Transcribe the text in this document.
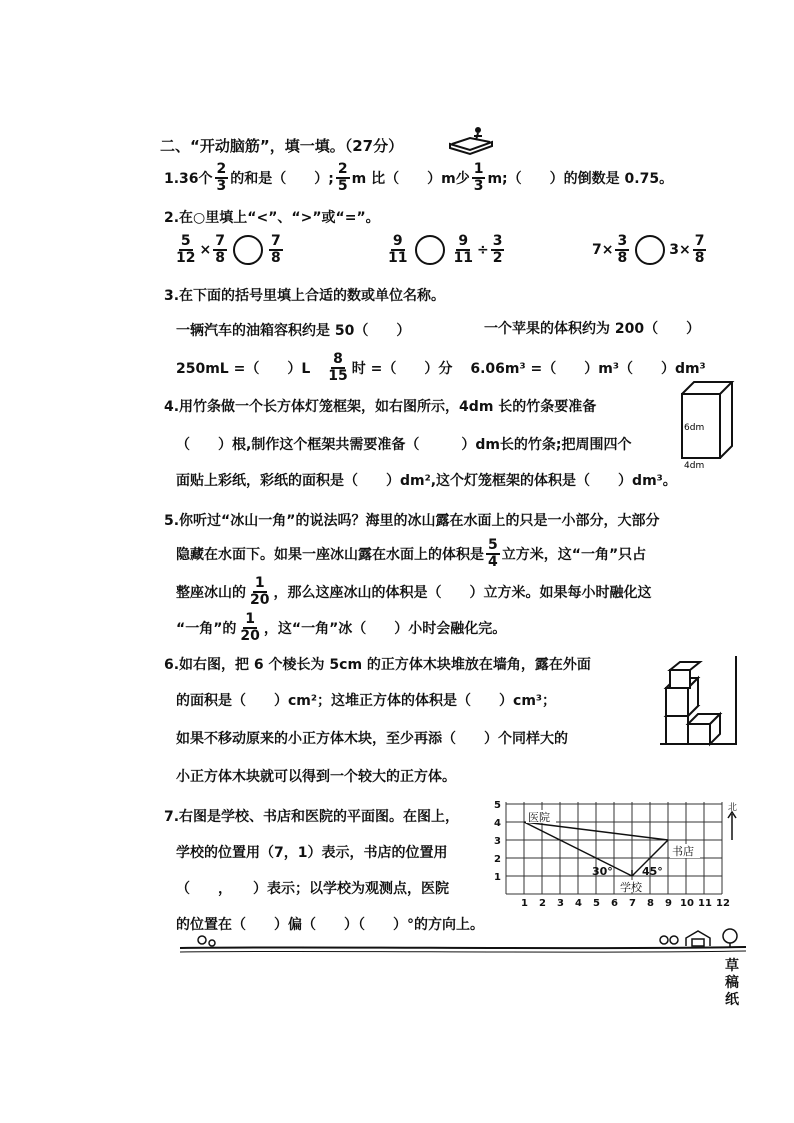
二、“开动脑筋”，填一填。（27分）
1.36个 $\frac{2}{3}$ 的和是（　　）; $\frac{2}{5}$ m 比（　　）m少 $\frac{1}{3}$ m;（　　）的倒数是 0.75。
2.在○里填上“<”、“>”或“=”。
$\frac{5}{12} \times \frac{7}{8}$	$\frac{7}{8}$	$\frac{9}{11}$	$\frac{9}{11} \div \frac{3}{2}$	$7 \times \frac{3}{8}$	$3 \times \frac{7}{8}$
3.在下面的括号里填上合适的数或单位名称。
一辆汽车的油箱容积约是 50（　　）	一个苹果的体积约为 200（　　）
250mL =（　　）$L \frac{8}{15}$ 时 =（　　）分 6.06m³ =（　　）m³（　　）dm³
4.用竹条做一个长方体灯笼框架，如右图所示，4dm 长的竹条要准备
（　　）根,制作这个框架共需要准备（　　　）dm长的竹条;把周围四个
面贴上彩纸，彩纸的面积是（　　）dm²,这个灯笼框架的体积是（　　）dm³。
6dm
4dm
5.你听过“冰山一角”的说法吗？海里的冰山露在水面上的只是一小部分，大部分
隐藏在水面下。如果一座冰山露在水面上的体积是 $\frac{5}{4}$ 立方米，这“一角”只占
整座冰山的 $\frac{1}{20}$ ，那么这座冰山的体积是（　　）立方米。如果每小时融化这
“一角”的 $\frac{1}{20}$ ，这“一角”冰（　　）小时会融化完。
6.如右图，把 6 个棱长为 5cm 的正方体木块堆放在墙角，露在外面
的面积是（　　）cm²；这堆正方体的体积是（　　）cm³；
如果不移动原来的小正方体木块，至少再添（　　）个同样大的
小正方体木块就可以得到一个较大的正方体。
7.右图是学校、书店和医院的平面图。在图上，
学校的位置用（7，1）表示，书店的位置用
（　　，　　）表示；以学校为观测点，医院
的位置在（　　）偏（　　）（　　）°的方向上。
5
4
3
2
1
1 2 3 4 5 6 7 8 9 10 11 12
医院
书店
学校
30°	45°
北
草稿纸
